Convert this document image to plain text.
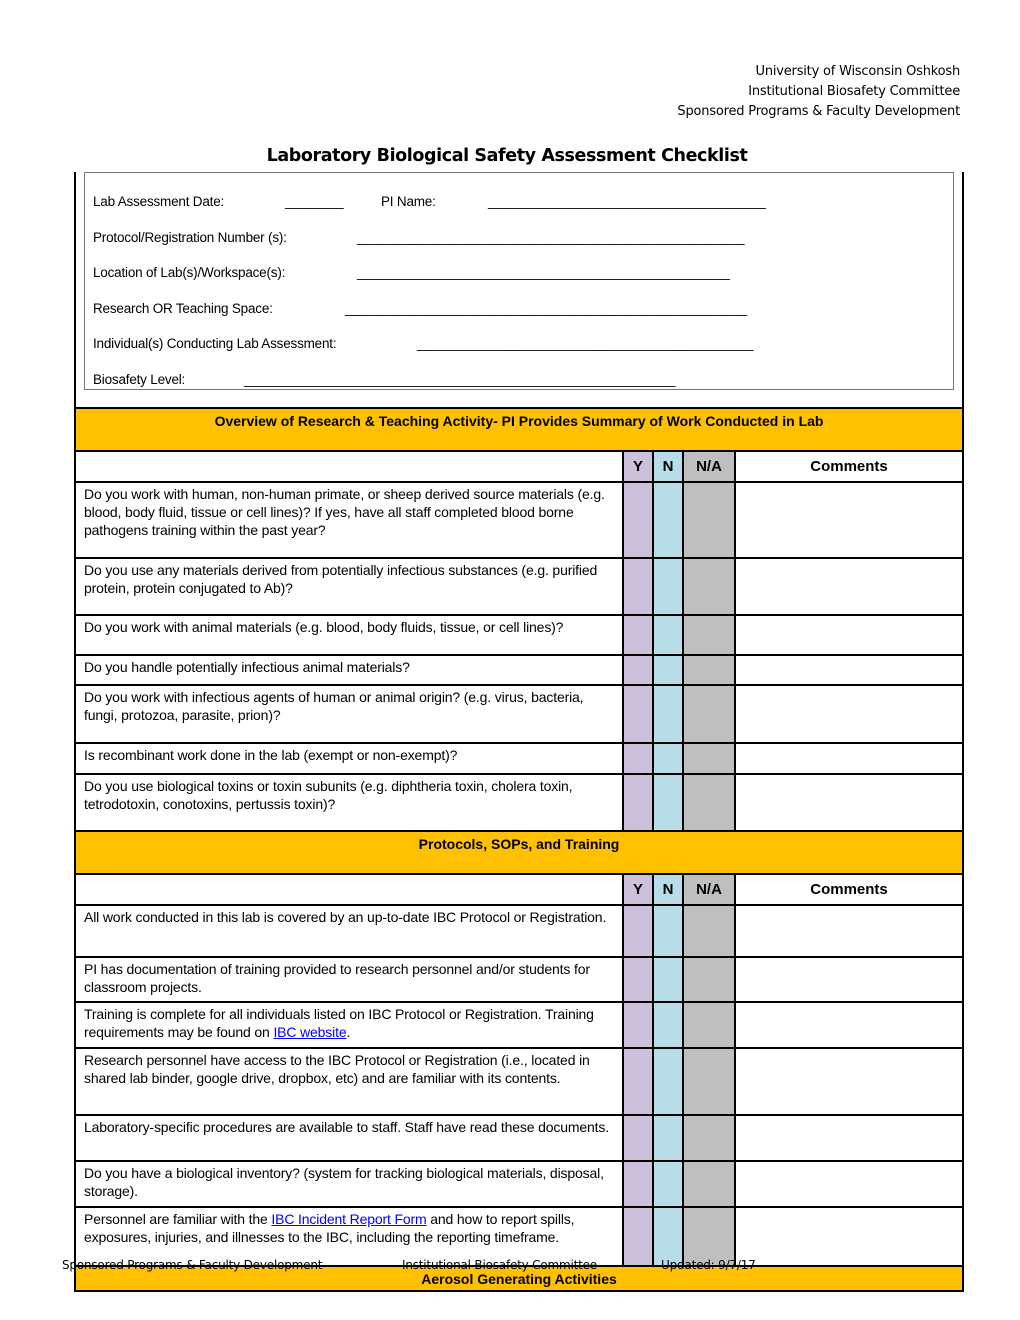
University of Wisconsin Oshkosh
Institutional Biosafety Committee
Sponsored Programs & Faculty Development
Laboratory Biological Safety Assessment Checklist
Lab Assessment Date:	________	PI Name:	______________________________________
Protocol/Registration Number (s):	_____________________________________________________
Location of Lab(s)/Workspace(s):	___________________________________________________
Research OR Teaching Space:	_______________________________________________________
Individual(s) Conducting Lab Assessment:	______________________________________________
Biosafety Level:	___________________________________________________________
Overview of Research & Teaching Activity- PI Provides Summary of Work Conducted in Lab				
	Y	N	N/A	Comments
Do you work with human, non-human primate, or sheep derived source materials (e.g. blood, body fluid, tissue or cell lines)? If yes, have all staff completed blood borne pathogens training within the past year?				
Do you use any materials derived from potentially infectious substances (e.g. purified protein, protein conjugated to Ab)?				
Do you work with animal materials (e.g. blood, body fluids, tissue, or cell lines)?				
Do you handle potentially infectious animal materials?				
Do you work with infectious agents of human or animal origin? (e.g. virus, bacteria, fungi, protozoa, parasite, prion)?				
Is recombinant work done in the lab (exempt or non-exempt)?				
Do you use biological toxins or toxin subunits (e.g. diphtheria toxin, cholera toxin, tetrodotoxin, conotoxins, pertussis toxin)?				
Protocols, SOPs, and Training				
	Y	N	N/A	Comments
All work conducted in this lab is covered by an up-to-date IBC Protocol or Registration.				
PI has documentation of training provided to research personnel and/or students for classroom projects.				
Training is complete for all individuals listed on IBC Protocol or Registration. Training requirements may be found on IBC website.				
Research personnel have access to the IBC Protocol or Registration (i.e., located in shared lab binder, google drive, dropbox, etc) and are familiar with its contents.				
Laboratory-specific procedures are available to staff. Staff have read these documents.				
Do you have a biological inventory? (system for tracking biological materials, disposal, storage).				
Personnel are familiar with the IBC Incident Report Form and how to report spills, exposures, injuries, and illnesses to the IBC, including the reporting timeframe.				
Aerosol Generating Activities				
Sponsored Programs & Faculty Development	Institutional Biosafety Committee	Updated: 9/7/17
